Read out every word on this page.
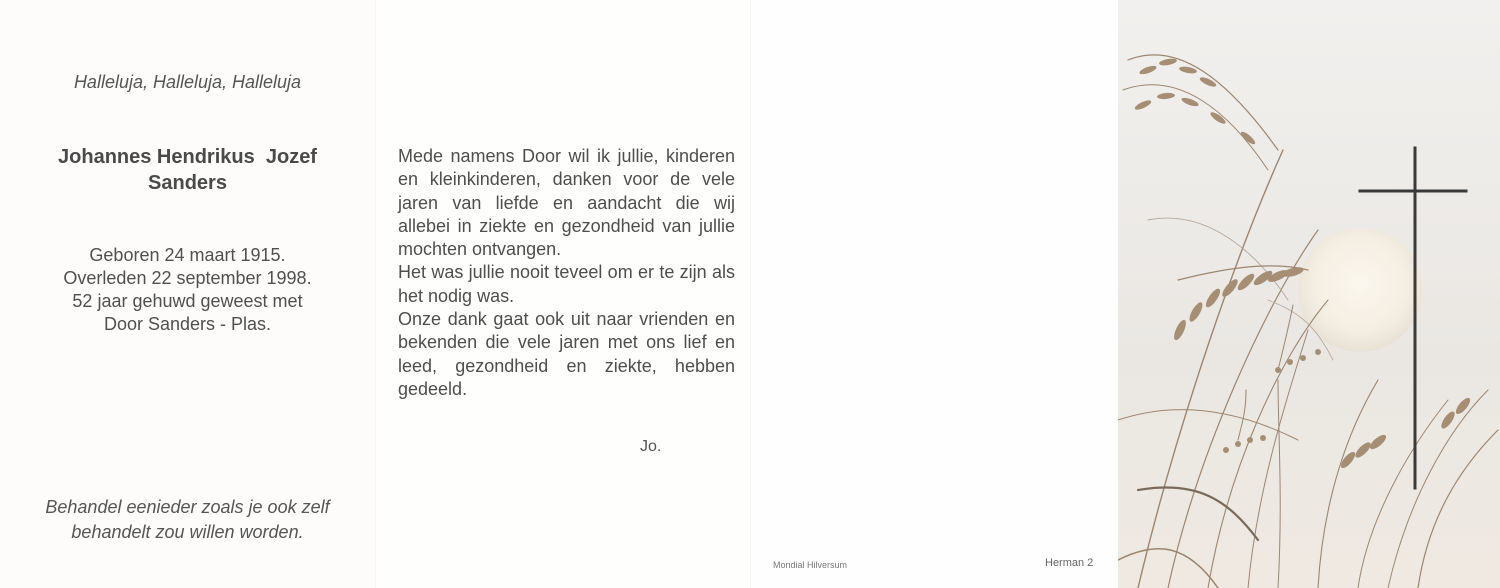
Halleluja, Halleluja, Halleluja
Johannes Hendrikus  Jozef
Sanders
Geboren 24 maart 1915.
Overleden 22 september 1998.
52 jaar gehuwd geweest met
Door Sanders - Plas.
Behandel eenieder zoals je ook zelf
behandelt zou willen worden.

Mede namens Door wil ik jullie, kinderen en kleinkinderen, danken voor de vele jaren van liefde en aandacht die wij allebei in ziekte en gezondheid van jullie mochten ontvangen.

Het was jullie nooit teveel om er te zijn als het nodig was.

Onze dank gaat ook uit naar vrienden en bekenden die vele jaren met ons lief en leed, gezondheid en ziekte, hebben gedeeld.

Jo.
Mondial Hilversum	Herman 2
